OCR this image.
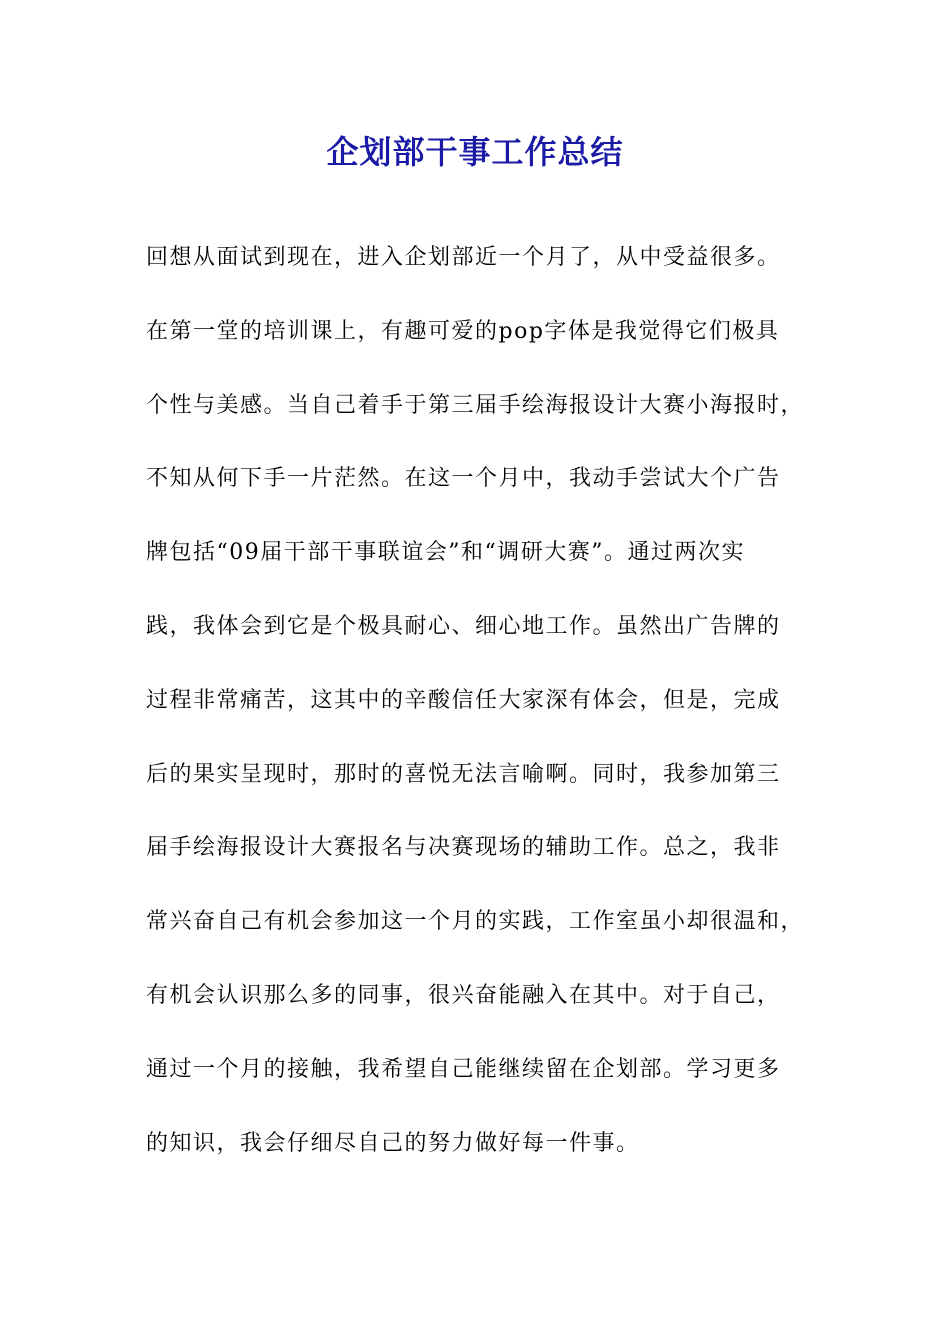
企划部干事工作总结
回想从面试到现在，进入企划部近一个月了，从中受益很多。
在第一堂的培训课上，有趣可爱的pop字体是我觉得它们极具
个性与美感。当自己着手于第三届手绘海报设计大赛小海报时，
不知从何下手一片茫然。在这一个月中，我动手尝试大个广告
牌包括“09届干部干事联谊会”和“调研大赛”。通过两次实
践，我体会到它是个极具耐心、细心地工作。虽然出广告牌的
过程非常痛苦，这其中的辛酸信任大家深有体会，但是，完成
后的果实呈现时，那时的喜悦无法言喻啊。同时，我参加第三
届手绘海报设计大赛报名与决赛现场的辅助工作。总之，我非
常兴奋自己有机会参加这一个月的实践，工作室虽小却很温和，
有机会认识那么多的同事，很兴奋能融入在其中。对于自己，
通过一个月的接触，我希望自己能继续留在企划部。学习更多
的知识，我会仔细尽自己的努力做好每一件事。
